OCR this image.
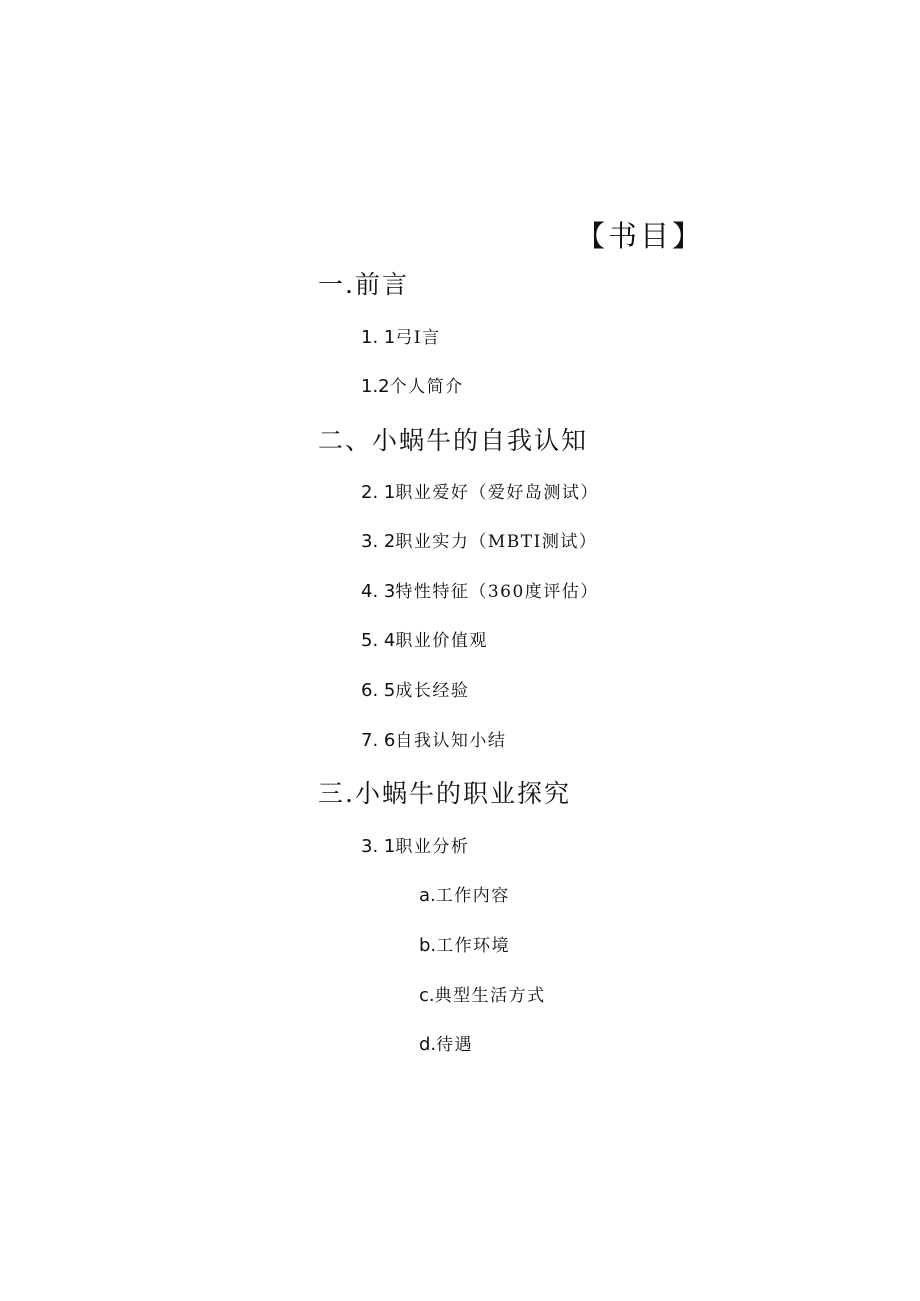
【书目】
一.前言
1. 1弓I言
1.2个人简介
二、小蜗牛的自我认知
2. 1职业爱好（爱好岛测试）
3. 2职业实力（MBTI测试）
4. 3特性特征（360度评估）
5. 4职业价值观
6. 5成长经验
7. 6自我认知小结
三.小蜗牛的职业探究
3. 1职业分析
a.工作内容
b.工作环境
c.典型生活方式
d.待遇
